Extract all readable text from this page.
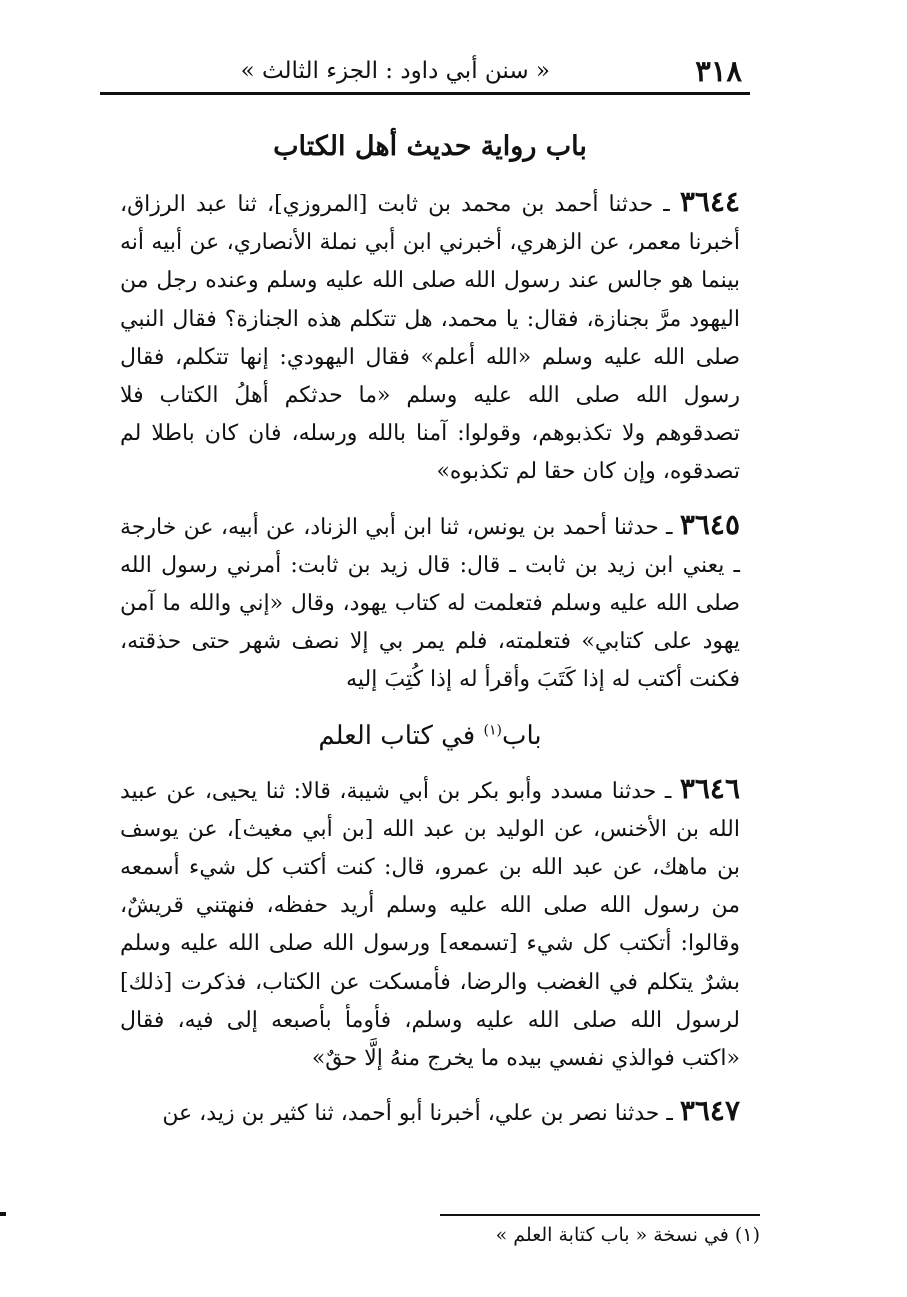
٣١٨
« سنن أبي داود : الجزء الثالث »
باب رواية حديث أهل الكتاب

٣٦٤٤ ـ حدثنا أحمد بن محمد بن ثابت [المروزي]، ثنا عبد الرزاق، أخبرنا معمر، عن الزهري، أخبرني ابن أبي نملة الأنصاري، عن أبيه أنه بينما هو جالس عند رسول الله صلى الله عليه وسلم وعنده رجل من اليهود مرَّ بجنازة، فقال: يا محمد، هل تتكلم هذه الجنازة؟ فقال النبي صلى الله عليه وسلم «الله أعلم» فقال اليهودي: إنها تتكلم، فقال رسول الله صلى الله عليه وسلم «ما حدثكم أهلُ الكتاب فلا تصدقوهم ولا تكذبوهم، وقولوا: آمنا بالله ورسله، فان كان باطلا لم تصدقوه، وإن كان حقا لم تكذبوه»

٣٦٤٥ ـ حدثنا أحمد بن يونس، ثنا ابن أبي الزناد، عن أبيه، عن خارجة ـ يعني ابن زيد بن ثابت ـ قال: قال زيد بن ثابت: أمرني رسول الله صلى الله عليه وسلم فتعلمت له كتاب يهود، وقال «إني والله ما آمن يهود على كتابي» فتعلمته، فلم يمر بي إلا نصف شهر حتى حذقته، فكنت أكتب له إذا كَتَبَ وأقرأ له إذا كُتِبَ إليه

باب$^{(١)}$ في كتاب العلم

٣٦٤٦ ـ حدثنا مسدد وأبو بكر بن أبي شيبة، قالا: ثنا يحيى، عن عبيد الله بن الأخنس، عن الوليد بن عبد الله [بن أبي مغيث]، عن يوسف بن ماهك، عن عبد الله بن عمرو، قال: كنت أكتب كل شيء أسمعه من رسول الله صلى الله عليه وسلم أريد حفظه، فنهتني قريشٌ، وقالوا: أتكتب كل شيء [تسمعه] ورسول الله صلى الله عليه وسلم بشرٌ يتكلم في الغضب والرضا، فأمسكت عن الكتاب، فذكرت [ذلك] لرسول الله صلى الله عليه وسلم، فأومأ بأصبعه إلى فيه، فقال «اكتب فوالذي نفسي بيده ما يخرج منهُ إلَّا حقٌ»

٣٦٤٧ ـ حدثنا نصر بن علي، أخبرنا أبو أحمد، ثنا كثير بن زيد، عن

(١) في نسخة « باب كتابة العلم »
